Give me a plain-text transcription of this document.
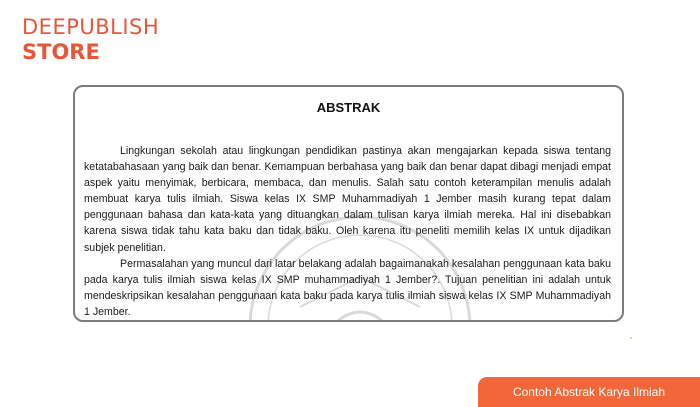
DEEPUBLISH
STORE
ABSTRAK

Lingkungan sekolah atau lingkungan pendidikan pastinya akan mengajarkan kepada siswa tentang ketatabahasaan yang baik dan benar. Kemampuan berbahasa yang baik dan benar dapat dibagi menjadi empat aspek yaitu menyimak, berbicara, membaca, dan menulis. Salah satu contoh keterampilan menulis adalah membuat karya tulis ilmiah. Siswa kelas IX SMP Muhammadiyah 1 Jember masih kurang tepat dalam penggunaan bahasa dan kata-kata yang dituangkan dalam tulisan karya ilmiah mereka. Hal ini disebabkan karena siswa tidak tahu kata baku dan tidak baku. Oleh karena itu peneliti memilih kelas IX untuk dijadikan subjek penelitian.

Permasalahan yang muncul dari latar belakang adalah bagaimanakah kesalahan penggunaan kata baku pada karya tulis ilmiah siswa kelas IX SMP muhammadiyah 1 Jember?. Tujuan penelitian ini adalah untuk mendeskripsikan kesalahan penggunaan kata baku pada karya tulis ilmiah siswa kelas IX SMP Muhammadiyah 1 Jember.

Contoh Abstrak Karya Ilmiah
